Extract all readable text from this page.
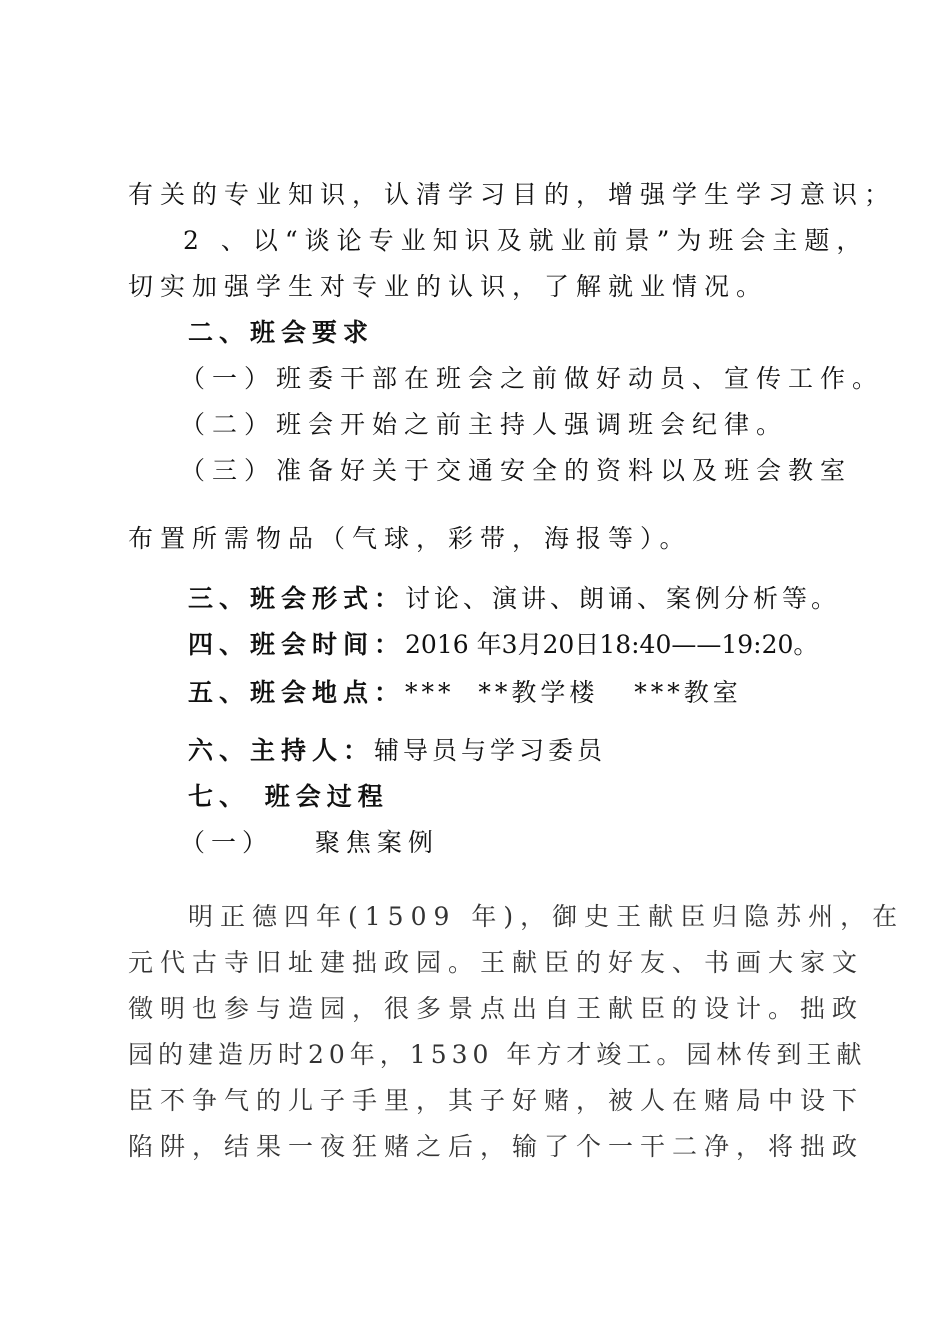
有关的专业知识，认清学习目的，增强学生学习意识；
2 、以“谈论专业知识及就业前景”为班会主题，
切实加强学生对专业的认识，了解就业情况。
二、班会要求
（一）班委干部在班会之前做好动员、宣传工作。
（二）班会开始之前主持人强调班会纪律。
（三）准备好关于交通安全的资料以及班会教室
布置所需物品（气球，彩带，海报等）。
三、班会形式：讨论、演讲、朗诵、案例分析等。
四、班会时间：2016 年3月20日18:40——19:20。
五、班会地点：***  **教学楼   ***教室
六、主持人：辅导员与学习委员
七、 班会过程
（一）   聚焦案例
明正德四年(1509 年)，御史王献臣归隐苏州，在
元代古寺旧址建拙政园。王献臣的好友、书画大家文
徵明也参与造园，很多景点出自王献臣的设计。拙政
园的建造历时20年，1530 年方才竣工。园林传到王献
臣不争气的儿子手里，其子好赌，被人在赌局中设下
陷阱，结果一夜狂赌之后，输了个一干二净，将拙政
